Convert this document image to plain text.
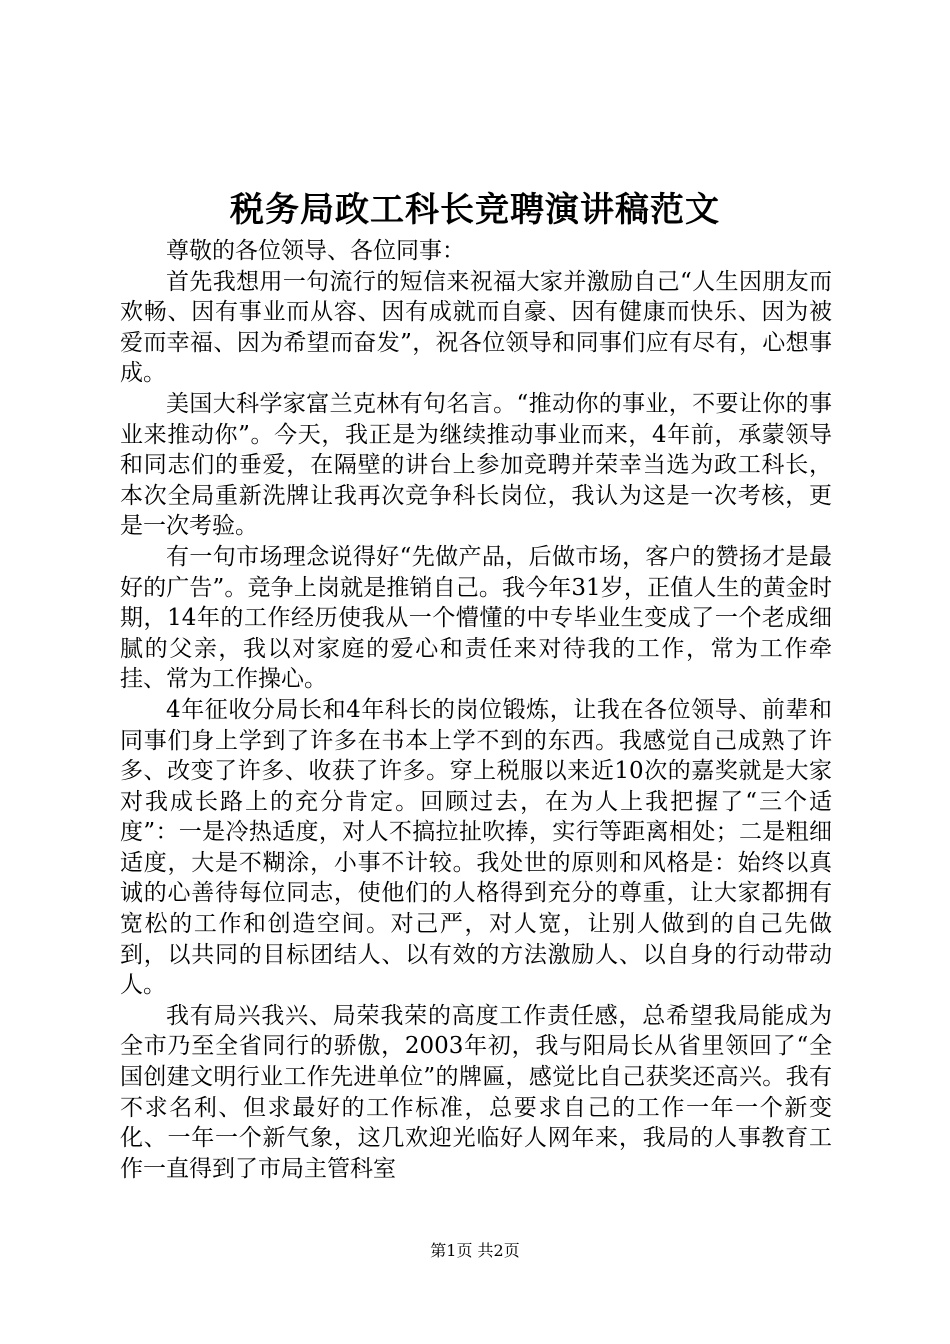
税务局政工科长竞聘演讲稿范文

尊敬的各位领导、各位同事：

首先我想用一句流行的短信来祝福大家并激励自己“人生因朋友而欢畅、因有事业而从容、因有成就而自豪、因有健康而快乐、因为被爱而幸福、因为希望而奋发”，祝各位领导和同事们应有尽有，心想事成。

美国大科学家富兰克林有句名言。“推动你的事业，不要让你的事业来推动你”。今天，我正是为继续推动事业而来，4年前，承蒙领导和同志们的垂爱，在隔壁的讲台上参加竞聘并荣幸当选为政工科长，本次全局重新洗牌让我再次竞争科长岗位，我认为这是一次考核，更是一次考验。

有一句市场理念说得好“先做产品，后做市场，客户的赞扬才是最好的广告”。竞争上岗就是推销自己。我今年31岁，正值人生的黄金时期，14年的工作经历使我从一个懵懂的中专毕业生变成了一个老成细腻的父亲，我以对家庭的爱心和责任来对待我的工作，常为工作牵挂、常为工作操心。

4年征收分局长和4年科长的岗位锻炼，让我在各位领导、前辈和同事们身上学到了许多在书本上学不到的东西。我感觉自己成熟了许多、改变了许多、收获了许多。穿上税服以来近10次的嘉奖就是大家对我成长路上的充分肯定。回顾过去，在为人上我把握了“三个适度”：一是冷热适度，对人不搞拉扯吹捧，实行等距离相处；二是粗细适度，大是不糊涂，小事不计较。我处世的原则和风格是：始终以真诚的心善待每位同志，使他们的人格得到充分的尊重，让大家都拥有宽松的工作和创造空间。对己严，对人宽，让别人做到的自己先做到，以共同的目标团结人、以有效的方法激励人、以自身的行动带动人。

我有局兴我兴、局荣我荣的高度工作责任感，总希望我局能成为全市乃至全省同行的骄傲，2003年初，我与阳局长从省里领回了“全国创建文明行业工作先进单位”的牌匾，感觉比自己获奖还高兴。我有不求名利、但求最好的工作标准，总要求自己的工作一年一个新变化、一年一个新气象，这几欢迎光临好人网年来，我局的人事教育工作一直得到了市局主管科室

第1页 共2页
